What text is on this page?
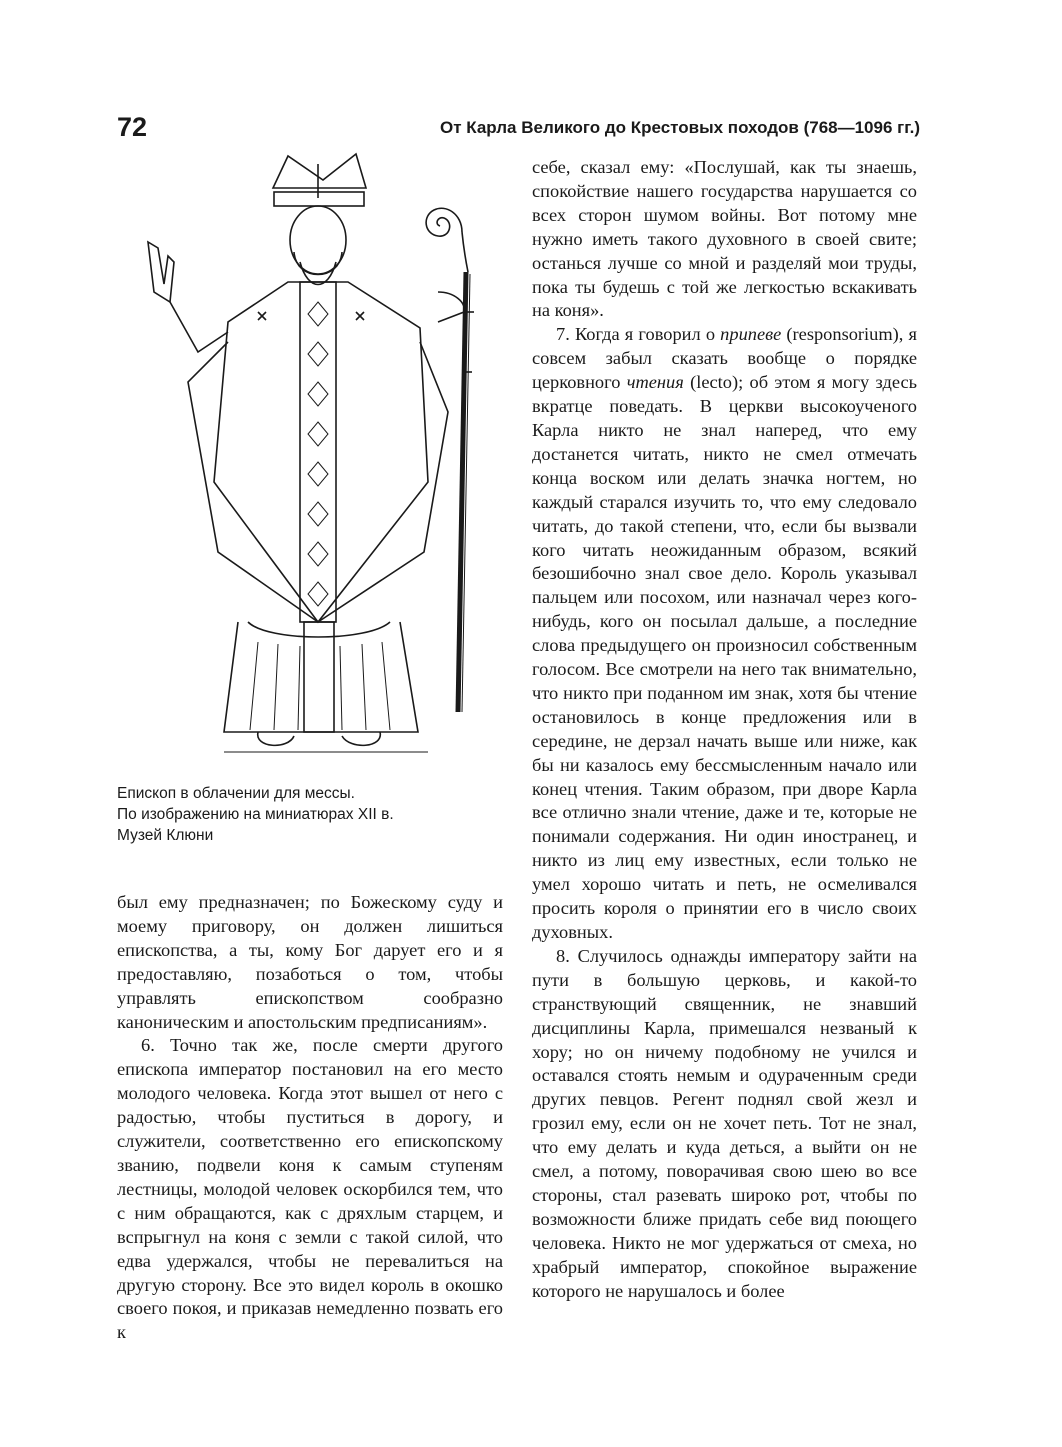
72	От Карла Великого до Крестовых походов (768—1096 гг.)
Епископ в облачении для мессы.
По изображению на миниатюрах XII в.
Музей Клюни

был ему предназначен; по Божескому суду и моему приговору, он должен лишиться епископства, а ты, кому Бог дарует его и я предоставляю, позаботься о том, чтобы управлять епископством сообразно каноническим и апостольским предписаниям».

6. Точно так же, после смерти другого епископа император постановил на его место молодого человека. Когда этот вышел от него с радостью, чтобы пуститься в дорогу, и служители, соответственно его епископскому званию, подвели коня к самым ступеням лестницы, молодой человек оскорбился тем, что с ним обращаются, как с дряхлым старцем, и вспрыгнул на коня с земли с такой силой, что едва удержался, чтобы не перевалиться на другую сторону. Все это видел король в окошко своего покоя, и приказав немедленно позвать его к

себе, сказал ему: «Послушай, как ты знаешь, спокойствие нашего государства нарушается со всех сторон шумом войны. Вот потому мне нужно иметь такого духовного в своей свите; останься лучше со мной и разделяй мои труды, пока ты будешь с той же легкостью вскакивать на коня».

7. Когда я говорил о припеве (responsorium), я совсем забыл сказать вообще о порядке церковного чтения (lecto); об этом я могу здесь вкратце поведать. В церкви высокоученого Карла никто не знал наперед, что ему достанется читать, никто не смел отмечать конца воском или делать значка ногтем, но каждый старался изучить то, что ему следовало читать, до такой степени, что, если бы вызвали кого читать неожиданным образом, всякий безошибочно знал свое дело. Король указывал пальцем или посохом, или назначал через кого-нибудь, кого он посылал дальше, а последние слова предыдущего он произносил собственным голосом. Все смотрели на него так внимательно, что никто при поданном им знак, хотя бы чтение остановилось в конце предложения или в середине, не дерзал начать выше или ниже, как бы ни казалось ему бессмысленным начало или конец чтения. Таким образом, при дворе Карла все отлично знали чтение, даже и те, которые не понимали содержания. Ни один иностранец, и никто из лиц ему известных, если только не умел хорошо читать и петь, не осмеливался просить короля о принятии его в число своих духовных.

8. Случилось однажды императору зайти на пути в большую церковь, и какой-то странствующий священник, не знавший дисциплины Карла, примешался незваный к хору; но он ничему подобному не учился и оставался стоять немым и одураченным среди других певцов. Регент поднял свой жезл и грозил ему, если он не хочет петь. Тот не знал, что ему делать и куда деться, а выйти он не смел, а потому, поворачивая свою шею во все стороны, стал разевать широко рот, чтобы по возможности ближе придать себе вид поющего человека. Никто не мог удержаться от смеха, но храбрый император, спокойное выражение которого не нарушалось и более
